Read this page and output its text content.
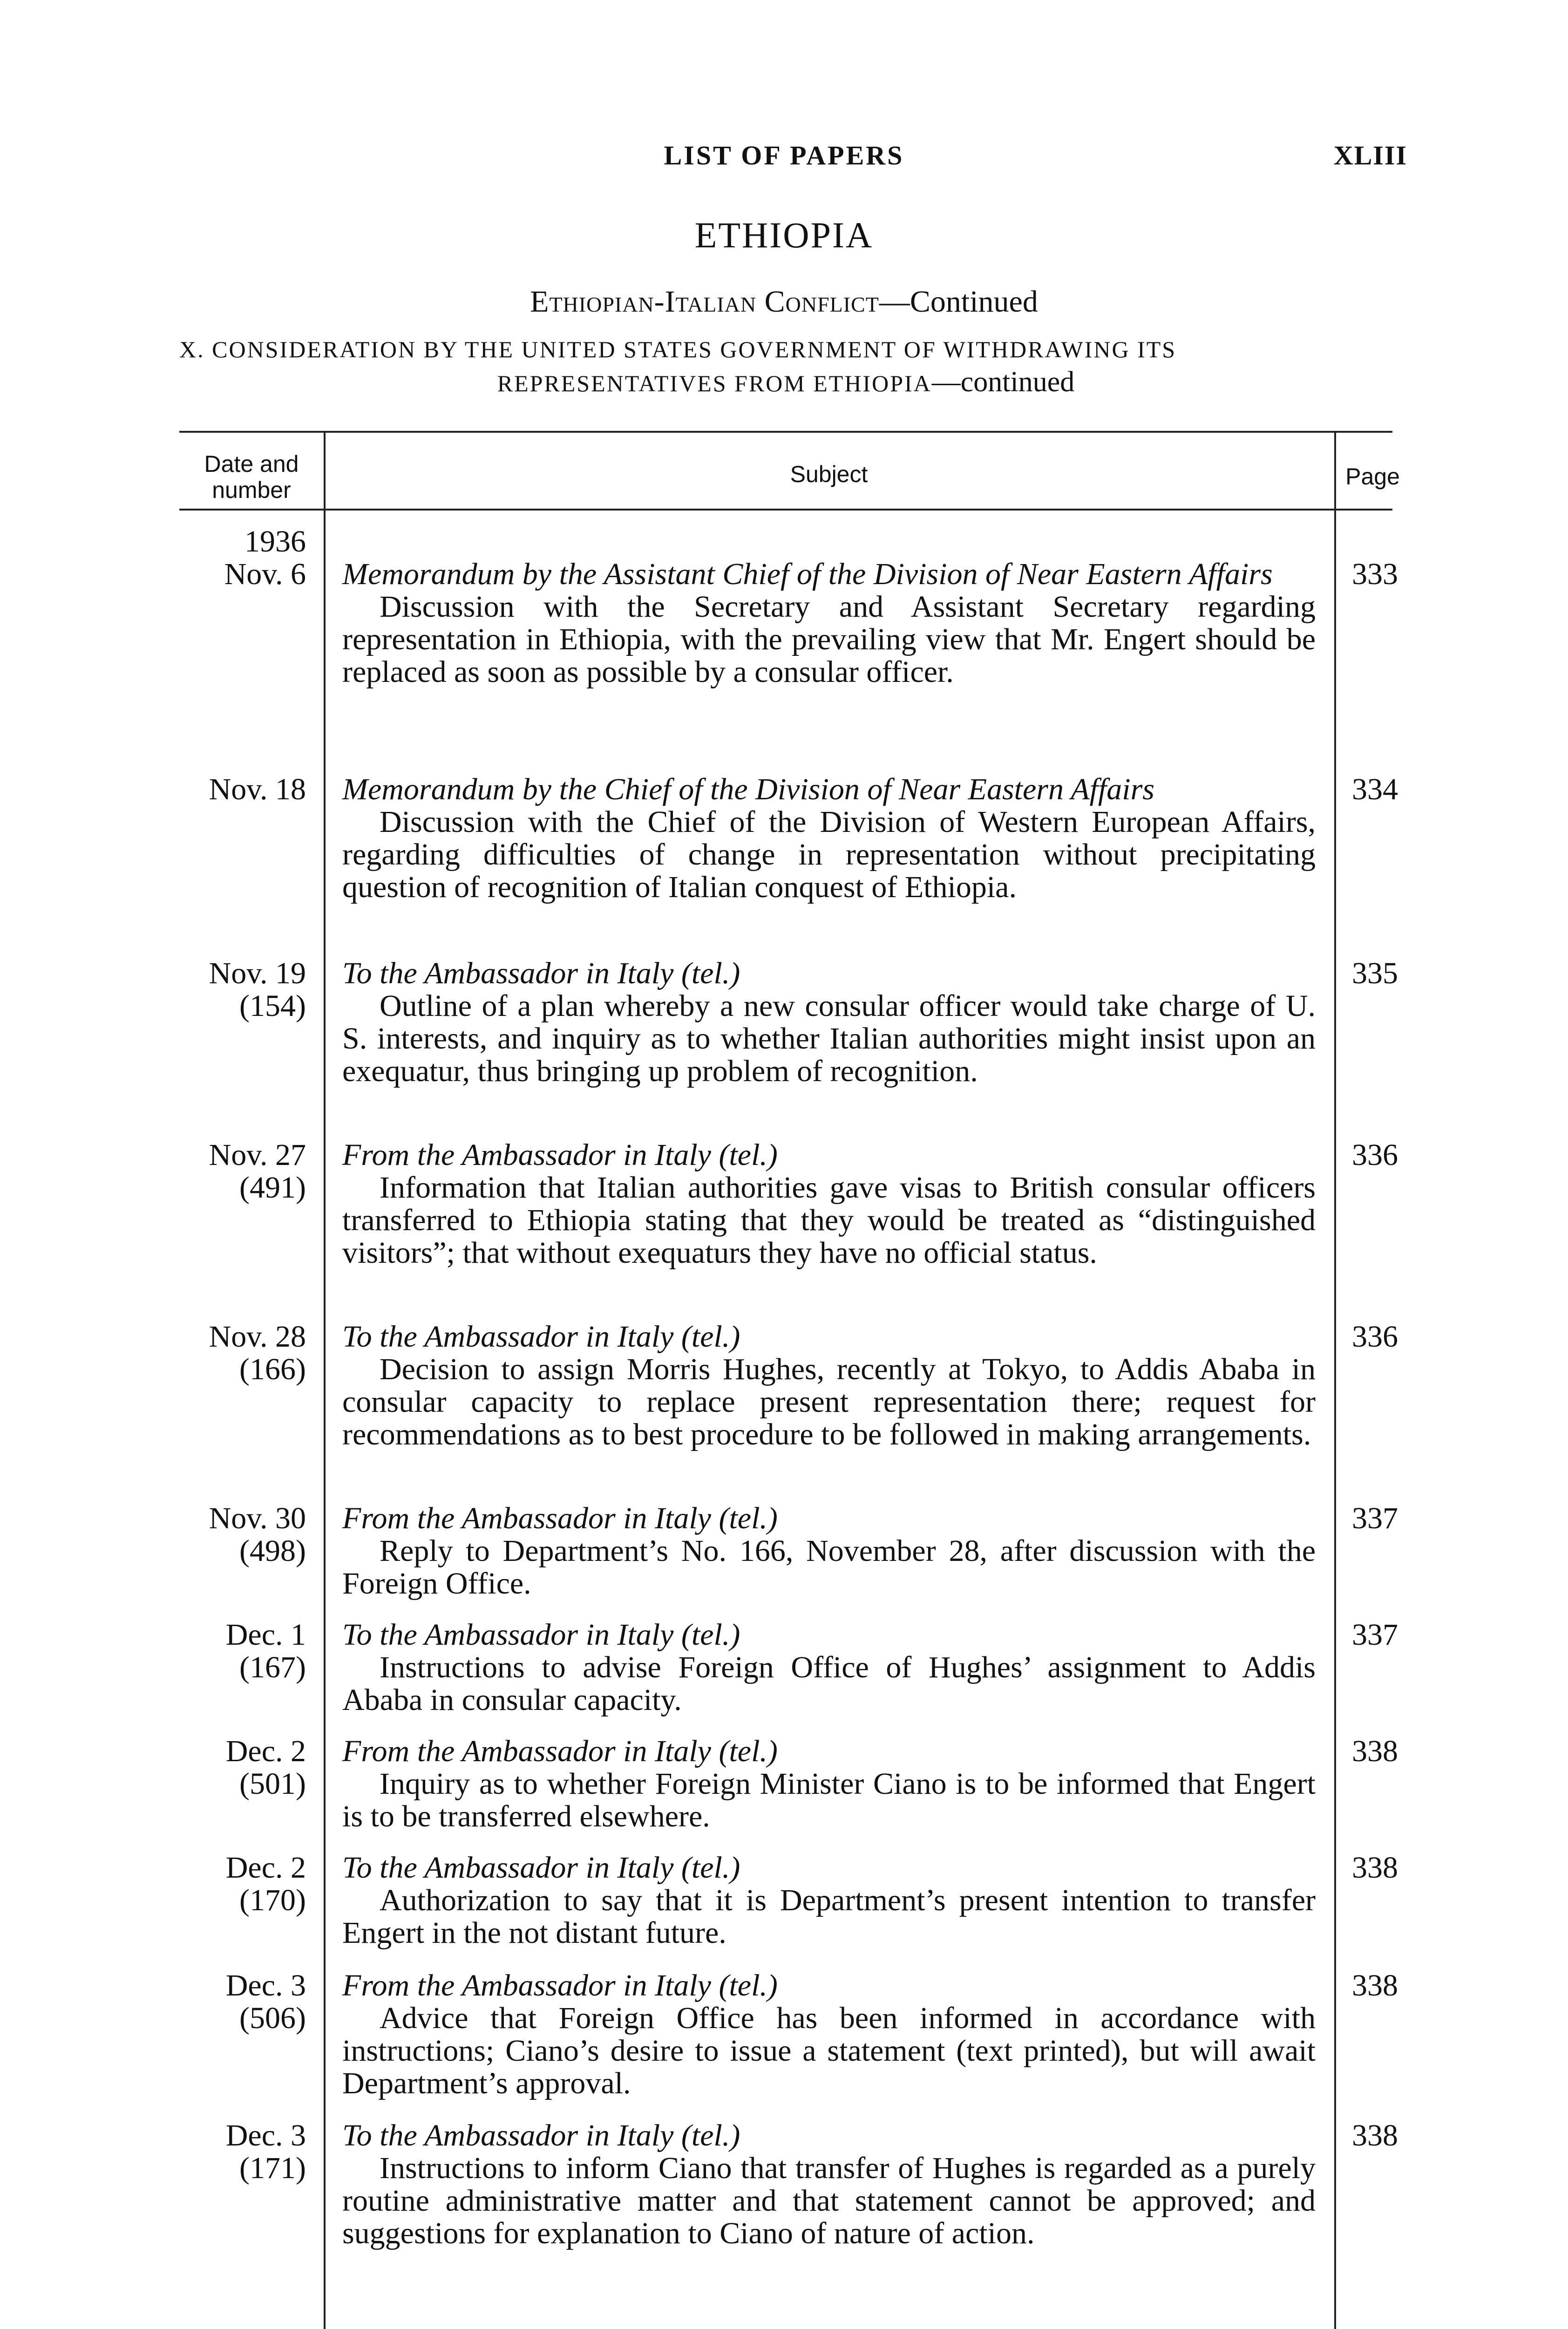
LIST OF PAPERS	XLIII
ETHIOPIA
Ethiopian-Italian Conflict—Continued
X. CONSIDERATION BY THE UNITED STATES GOVERNMENT OF WITHDRAWING ITS
REPRESENTATIVES FROM ETHIOPIA—continued
Date and
number
Subject	Page
1936
Nov. 6 Memorandum by the Assistant Chief of the Division of Near Eastern Affairs
Discussion with the Secretary and Assistant Secretary regarding representation in Ethiopia, with the prevailing view that Mr. Engert should be replaced as soon as possible by a consular officer.
333
Nov. 18 Memorandum by the Chief of the Division of Near Eastern Affairs
Discussion with the Chief of the Division of Western European Affairs, regarding difficulties of change in representation without precipitating question of recognition of Italian conquest of Ethiopia.
334
Nov. 19
(154)
To the Ambassador in Italy (tel.)
Outline of a plan whereby a new consular officer would take charge of U. S. interests, and inquiry as to whether Italian authorities might insist upon an exequatur, thus bringing up problem of recognition.
335
Nov. 27
(491)
From the Ambassador in Italy (tel.)
Information that Italian authorities gave visas to British consular officers transferred to Ethiopia stating that they would be treated as “distinguished visitors”; that without exequaturs they have no official status.
336
Nov. 28
(166)
To the Ambassador in Italy (tel.)
Decision to assign Morris Hughes, recently at Tokyo, to Addis Ababa in consular capacity to replace present representation there; request for recommendations as to best procedure to be followed in making arrangements.
336
Nov. 30
(498)
From the Ambassador in Italy (tel.)
Reply to Department’s No. 166, November 28, after discussion with the Foreign Office.
337
Dec. 1
(167)
To the Ambassador in Italy (tel.)
Instructions to advise Foreign Office of Hughes’ assignment to Addis Ababa in consular capacity.
337
Dec. 2
(501)
From the Ambassador in Italy (tel.)
Inquiry as to whether Foreign Minister Ciano is to be informed that Engert is to be transferred elsewhere.
338
Dec. 2
(170)
To the Ambassador in Italy (tel.)
Authorization to say that it is Department’s present intention to transfer Engert in the not distant future.
338
Dec. 3
(506)
From the Ambassador in Italy (tel.)
Advice that Foreign Office has been informed in accordance with instructions; Ciano’s desire to issue a statement (text printed), but will await Department’s approval.
338
Dec. 3
(171)
To the Ambassador in Italy (tel.)
Instructions to inform Ciano that transfer of Hughes is regarded as a purely routine administrative matter and that statement cannot be approved; and suggestions for explanation to Ciano of nature of action.
338
